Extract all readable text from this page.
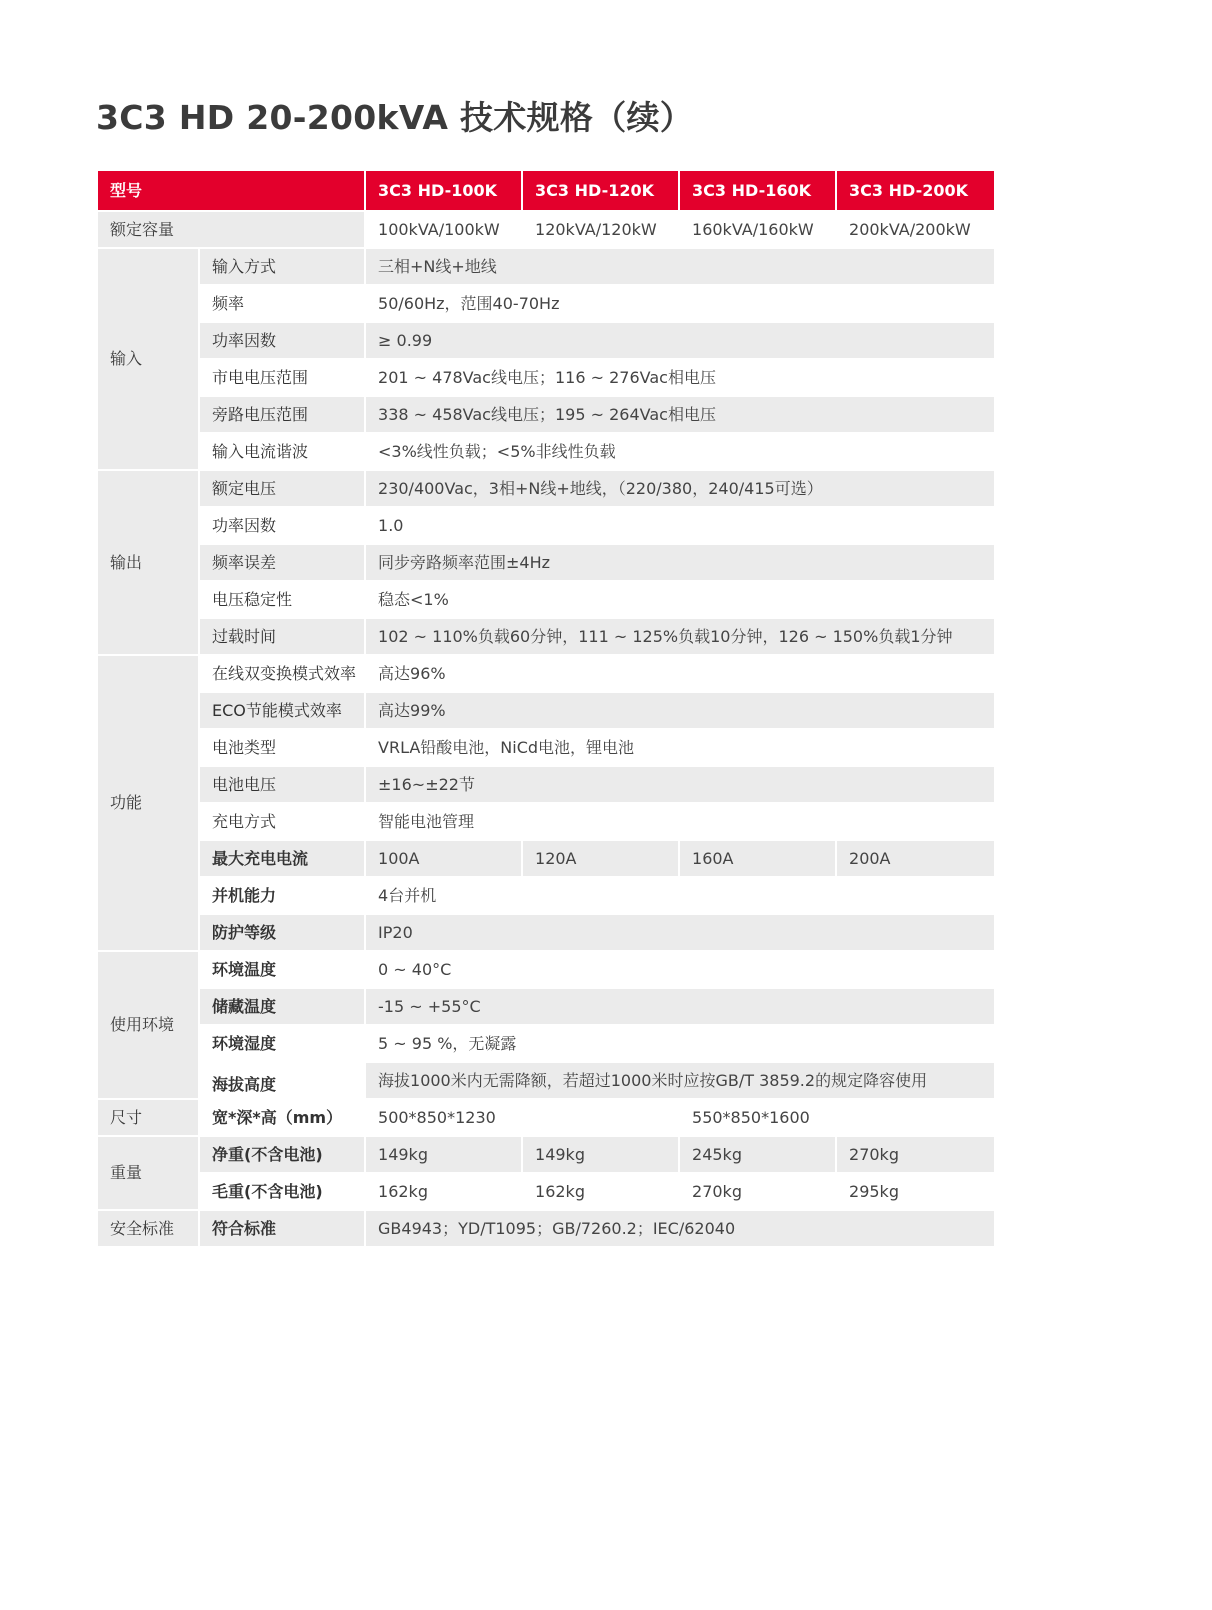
3C3 HD 20-200kVA 技术规格（续）
型号		3C3 HD-100K	3C3 HD-120K	3C3 HD-160K	3C3 HD-200K
额定容量		100kVA/100kW	120kVA/120kW	160kVA/160kW	200kVA/200kW
输入	输入方式	三相+N线+地线			
	频率	50/60Hz，范围40-70Hz			
	功率因数	≥ 0.99			
	市电电压范围	201 ~ 478Vac线电压；116 ~ 276Vac相电压			
	旁路电压范围	338 ~ 458Vac线电压；195 ~ 264Vac相电压			
	输入电流谐波	<3%线性负载；<5%非线性负载			
输出	额定电压	230/400Vac，3相+N线+地线，（220/380，240/415可选）			
	功率因数	1.0			
	频率误差	同步旁路频率范围±4Hz			
	电压稳定性	稳态<1%			
	过载时间	102 ~ 110%负载60分钟，111 ~ 125%负载10分钟，126 ~ 150%负载1分钟			
功能	在线双变换模式效率	高达96%			
	ECO节能模式效率	高达99%			
	电池类型	VRLA铅酸电池，NiCd电池，锂电池			
	电池电压	±16~±22节			
	充电方式	智能电池管理			
	最大充电电流	100A	120A	160A	200A
	并机能力	4台并机			
	防护等级	IP20			
使用环境	环境温度	0 ~ 40°C			
	储藏温度	-15 ~ +55°C			
	环境湿度	5 ~ 95 %，无凝露			
	海拔高度	海拔1000米内无需降额，若超过1000米时应按GB/T 3859.2的规定降容使用			
尺寸	宽*深*高（mm）	500*850*1230		550*850*1600	
重量	净重(不含电池)	149kg	149kg	245kg	270kg
	毛重(不含电池)	162kg	162kg	270kg	295kg
安全标准	符合标准	GB4943；YD/T1095；GB/7260.2；IEC/62040			
